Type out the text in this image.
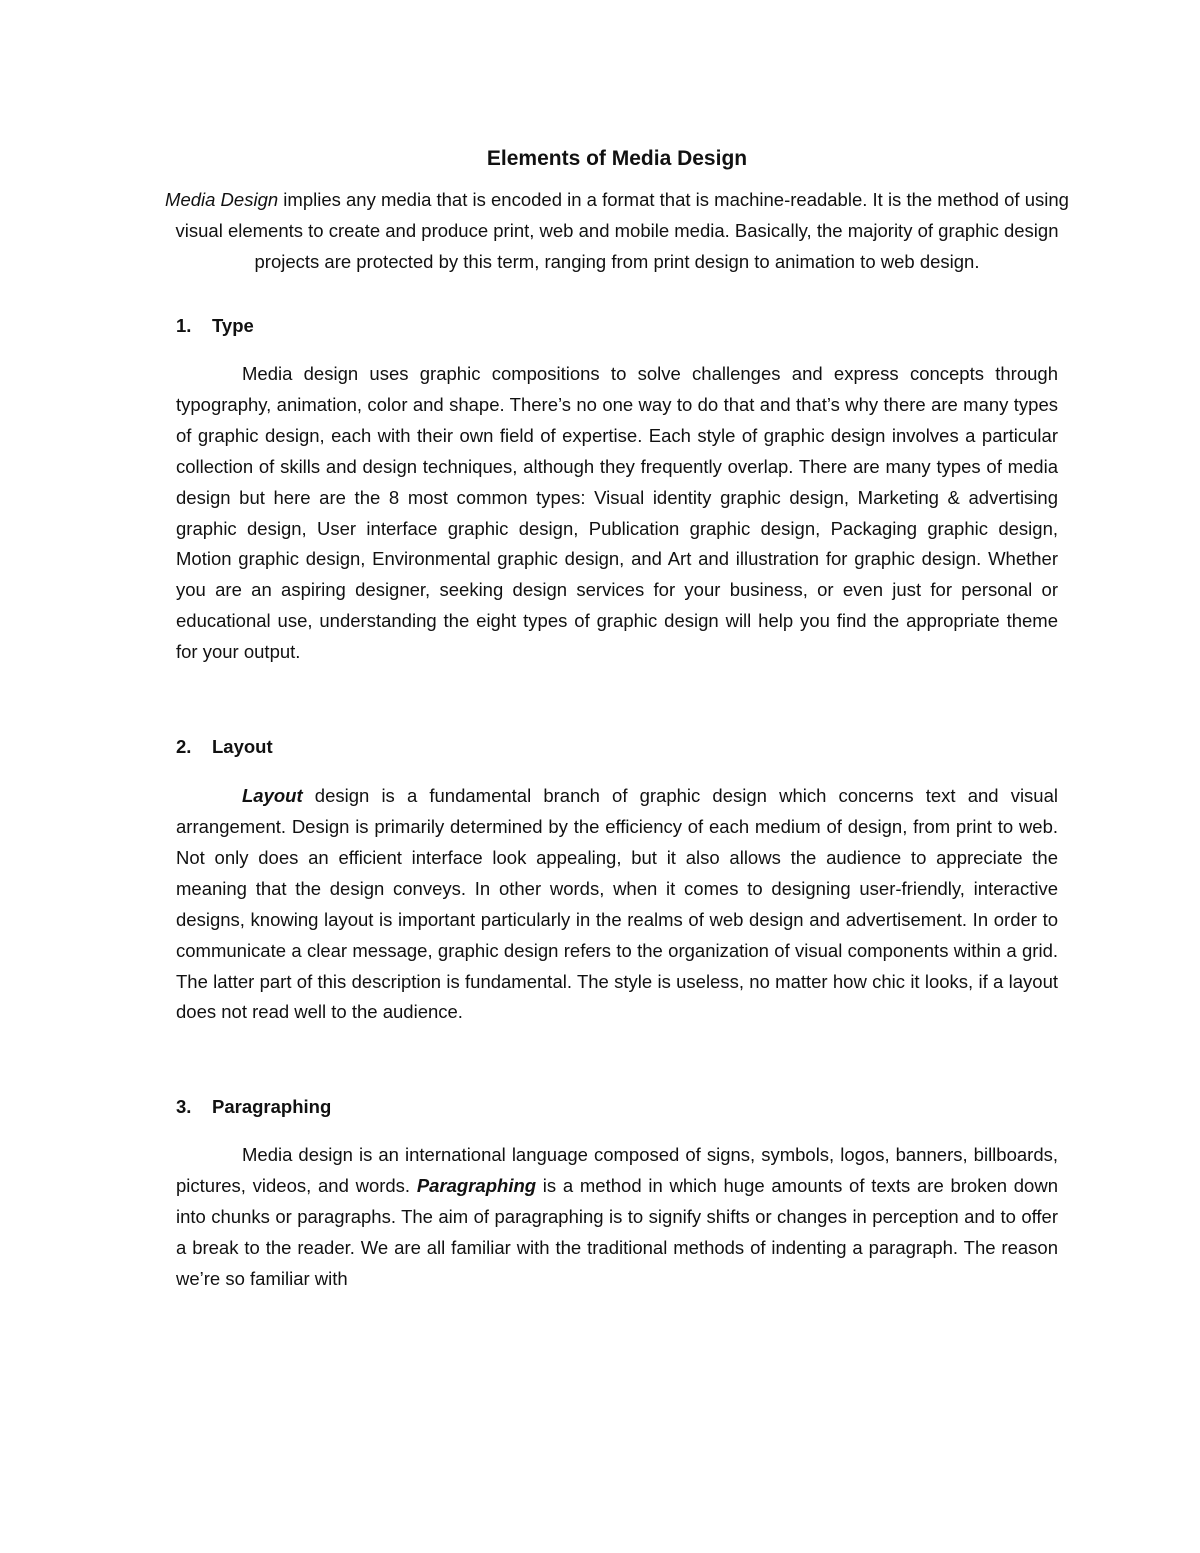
Elements of Media Design

Media Design implies any media that is encoded in a format that is machine-readable. It is the method of using visual elements to create and produce print, web and mobile media. Basically, the majority of graphic design projects are protected by this term, ranging from print design to animation to web design.

1.	Type

Media design uses graphic compositions to solve challenges and express concepts through typography, animation, color and shape. There’s no one way to do that and that’s why there are many types of graphic design, each with their own field of expertise. Each style of graphic design involves a particular collection of skills and design techniques, although they frequently overlap. There are many types of media design but here are the 8 most common types: Visual identity graphic design, Marketing & advertising graphic design, User interface graphic design, Publication graphic design, Packaging graphic design, Motion graphic design, Environmental graphic design, and Art and illustration for graphic design. Whether you are an aspiring designer, seeking design services for your business, or even just for personal or educational use, understanding the eight types of graphic design will help you find the appropriate theme for your output.

2.	Layout

Layout design is a fundamental branch of graphic design which concerns text and visual arrangement. Design is primarily determined by the efficiency of each medium of design, from print to web. Not only does an efficient interface look appealing, but it also allows the audience to appreciate the meaning that the design conveys. In other words, when it comes to designing user-friendly, interactive designs, knowing layout is important particularly in the realms of web design and advertisement. In order to communicate a clear message, graphic design refers to the organization of visual components within a grid. The latter part of this description is fundamental. The style is useless, no matter how chic it looks, if a layout does not read well to the audience.

3.	Paragraphing

Media design is an international language composed of signs, symbols, logos, banners, billboards, pictures, videos, and words. Paragraphing is a method in which huge amounts of texts are broken down into chunks or paragraphs. The aim of paragraphing is to signify shifts or changes in perception and to offer a break to the reader. We are all familiar with the traditional methods of indenting a paragraph. The reason we’re so familiar with
